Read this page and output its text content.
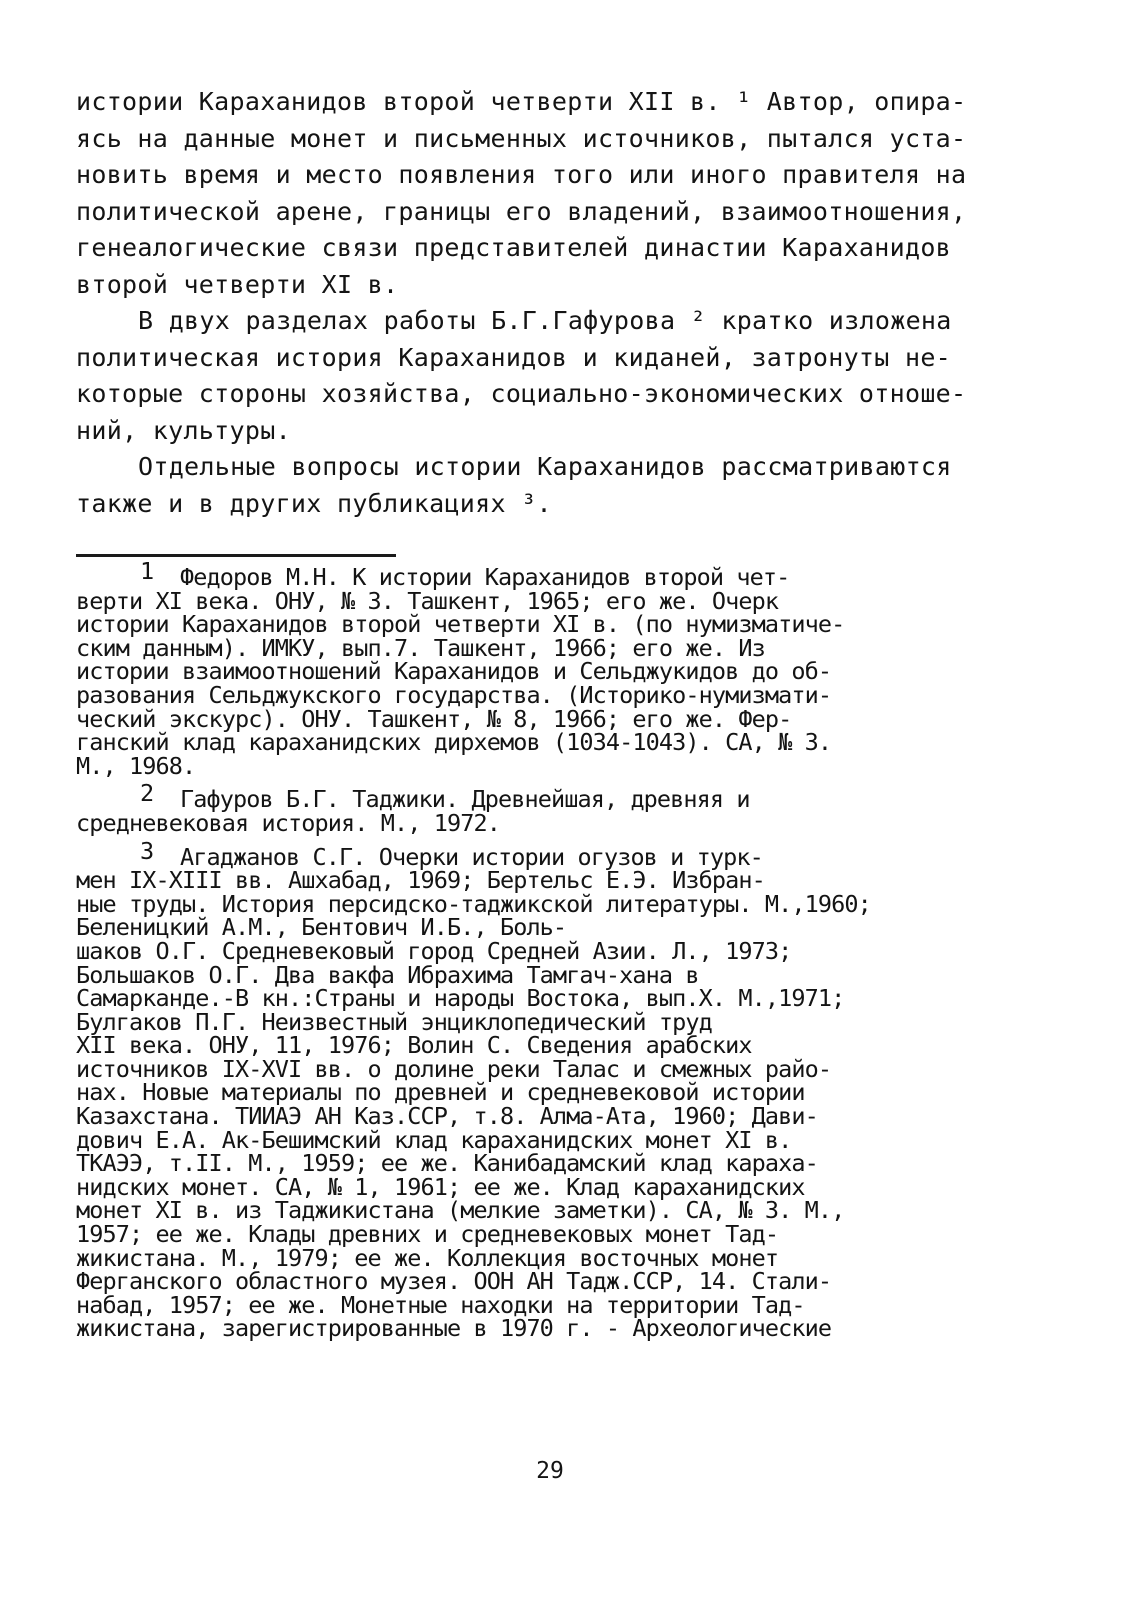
истории Караханидов второй четверти XII в. ¹ Автор, опира-
ясь на данные монет и письменных источников, пытался уста-
новить время и место появления того или иного правителя на
политической арене, границы его владений, взаимоотношения,
генеалогические связи представителей династии Караханидов
второй четверти XI в.

В двух разделах работы Б.Г.Гафурова ² кратко изложена
политическая история Караханидов и киданей, затронуты не-
которые стороны хозяйства, социально-экономических отноше-
ний, культуры.

Отдельные вопросы истории Караханидов рассматриваются
также и в других публикациях ³.

1 Федоров М.Н. К истории Караханидов второй чет-
верти XI века. ОНУ, № 3. Ташкент, 1965; его же. Очерк
истории Караханидов второй четверти XI в. (по нумизматиче-
ским данным). ИМКУ, вып.7. Ташкент, 1966; его же. Из
истории взаимоотношений Караханидов и Сельджукидов до об-
разования Сельджукского государства. (Историко-нумизмати-
ческий экскурс). ОНУ. Ташкент, № 8, 1966; его же. Фер-
ганский клад караханидских дирхемов (1034-1043). СА, № 3.
М., 1968.
2 Гафуров Б.Г. Таджики. Древнейшая, древняя и
средневековая история. М., 1972.
3 Агаджанов С.Г. Очерки истории огузов и турк-
мен IX-XIII вв. Ашхабад, 1969; Бертельс Е.Э. Избран-
ные труды. История персидско-таджикской литературы. М.,1960;
Беленицкий А.М., Бентович И.Б., Боль-
шаков О.Г. Средневековый город Средней Азии. Л., 1973;
Большаков О.Г. Два вакфа Ибрахима Тамгач-хана в
Самарканде.-В кн.:Страны и народы Востока, вып.X. М.,1971;
Булгаков П.Г. Неизвестный энциклопедический труд
XII века. ОНУ, 11, 1976; Волин С. Сведения арабских
источников IX-XVI вв. о долине реки Талас и смежных райо-
нах. Новые материалы по древней и средневековой истории
Казахстана. ТИИАЭ АН Каз.ССР, т.8. Алма-Ата, 1960; Дави-
дович Е.А. Ак-Бешимский клад караханидских монет XI в.
ТКАЭЭ, т.II. М., 1959; ее же. Канибадамский клад караха-
нидских монет. СА, № 1, 1961; ее же. Клад караханидских
монет XI в. из Таджикистана (мелкие заметки). СА, № 3. М.,
1957; ее же. Клады древних и средневековых монет Тад-
жикистана. М., 1979; ее же. Коллекция восточных монет
Ферганского областного музея. ООН АН Тадж.ССР, 14. Стали-
набад, 1957; ее же. Монетные находки на территории Тад-
жикистана, зарегистрированные в 1970 г. - Археологические
29
